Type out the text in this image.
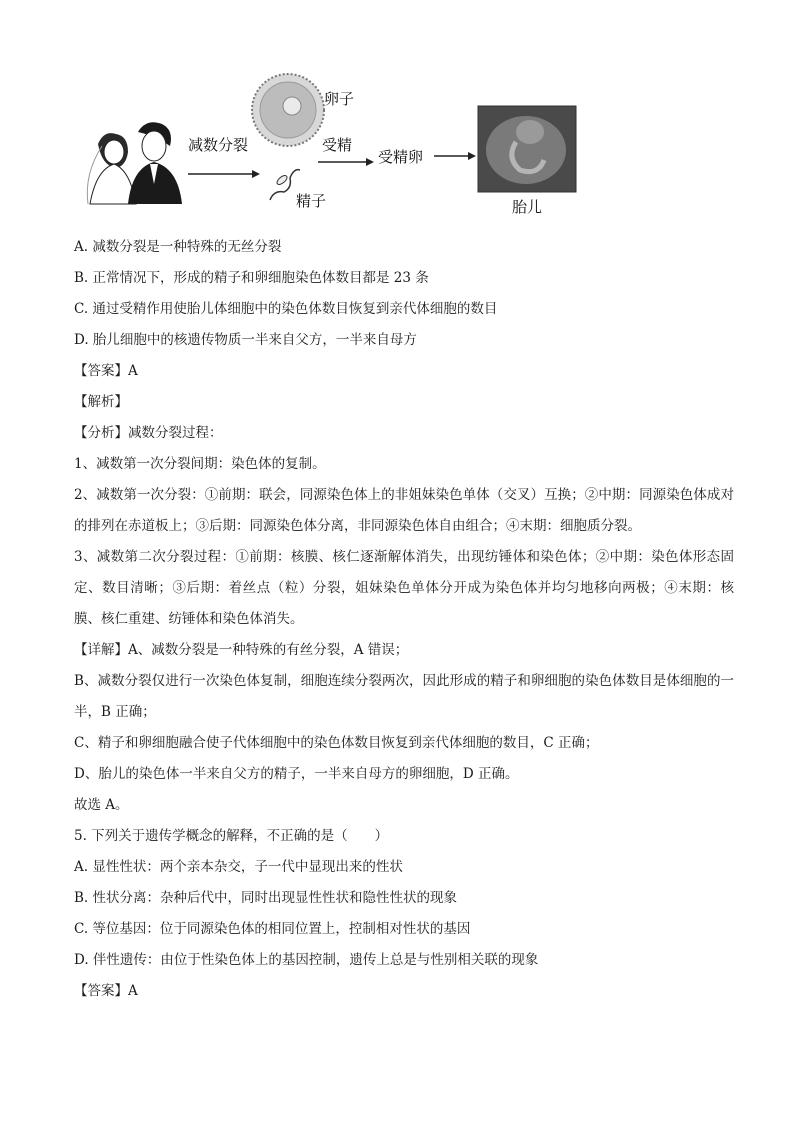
减数分裂
卵子
受精
受精卵
精子	胎儿

A. 减数分裂是一种特殊的无丝分裂

B. 正常情况下，形成的精子和卵细胞染色体数目都是 23 条

C. 通过受精作用使胎儿体细胞中的染色体数目恢复到亲代体细胞的数目

D. 胎儿细胞中的核遗传物质一半来自父方，一半来自母方

【答案】A

【解析】

【分析】减数分裂过程：

1、减数第一次分裂间期：染色体的复制。

2、减数第一次分裂：①前期：联会，同源染色体上的非姐妹染色单体（交叉）互换；②中期：同源染色体成对的排列在赤道板上；③后期：同源染色体分离，非同源染色体自由组合；④末期：细胞质分裂。

3、减数第二次分裂过程：①前期：核膜、核仁逐渐解体消失，出现纺锤体和染色体；②中期：染色体形态固定、数目清晰；③后期：着丝点（粒）分裂，姐妹染色单体分开成为染色体并均匀地移向两极；④末期：核膜、核仁重建、纺锤体和染色体消失。

【详解】A、减数分裂是一种特殊的有丝分裂，A 错误；

B、减数分裂仅进行一次染色体复制，细胞连续分裂两次，因此形成的精子和卵细胞的染色体数目是体细胞的一半，B 正确；

C、精子和卵细胞融合使子代体细胞中的染色体数目恢复到亲代体细胞的数目，C 正确；

D、胎儿的染色体一半来自父方的精子，一半来自母方的卵细胞，D 正确。

故选 A。

5. 下列关于遗传学概念的解释，不正确的是（　　）

A. 显性性状：两个亲本杂交，子一代中显现出来的性状

B. 性状分离：杂种后代中，同时出现显性性状和隐性性状的现象

C. 等位基因：位于同源染色体的相同位置上，控制相对性状的基因

D. 伴性遗传：由位于性染色体上的基因控制，遗传上总是与性别相关联的现象

【答案】A
